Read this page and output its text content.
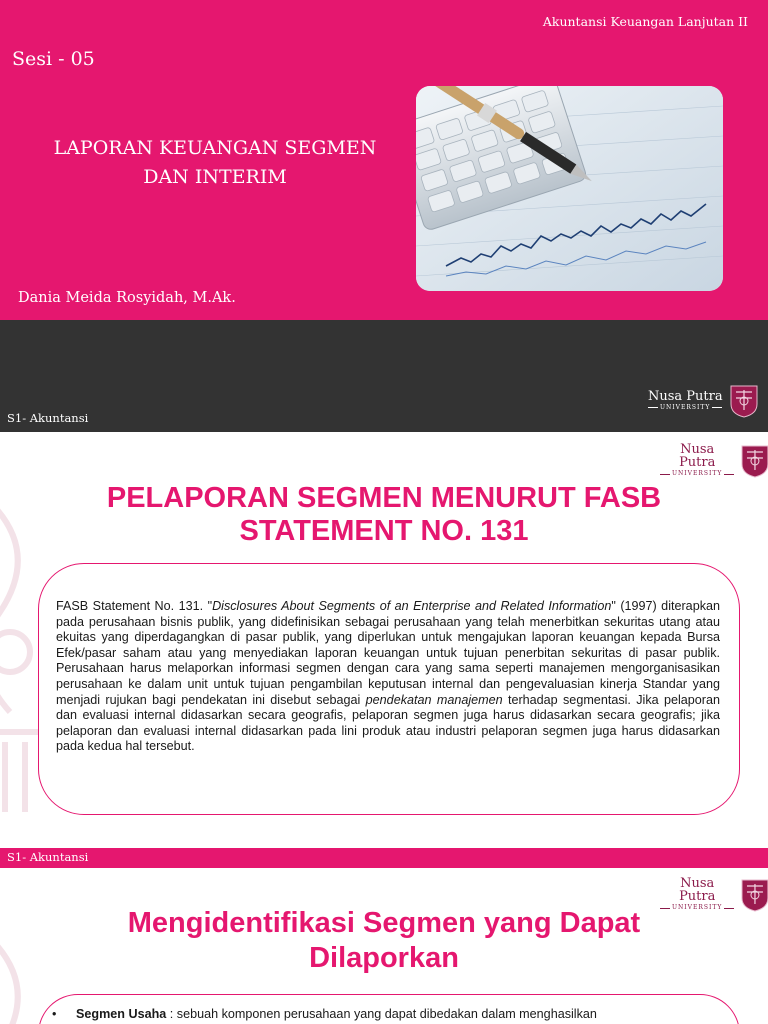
Akuntansi Keuangan Lanjutan II
Sesi - 05
LAPORAN KEUANGAN SEGMEN
DAN INTERIM
Dania Meida Rosyidah, M.Ak.
S1- Akuntansi
Nusa Putra
UNIVERSITY
Nusa Putra
UNIVERSITY
PELAPORAN SEGMEN MENURUT FASB
STATEMENT NO. 131
FASB Statement No. 131. "Disclosures About Segments of an Enterprise and Related Information" (1997) diterapkan pada perusahaan bisnis publik, yang didefinisikan sebagai perusahaan yang telah menerbitkan sekuritas utang atau ekuitas yang diperdagangkan di pasar publik, yang diperlukan untuk mengajukan laporan keuangan kepada Bursa Efek/pasar saham atau yang menyediakan laporan keuangan untuk tujuan penerbitan sekuritas di pasar publik. Perusahaan harus melaporkan informasi segmen dengan cara yang sama seperti manajemen mengorganisasikan perusahaan ke dalam unit untuk tujuan pengambilan keputusan internal dan pengevaluasian kinerja Standar yang menjadi rujukan bagi pendekatan ini disebut sebagai pendekatan manajemen terhadap segmentasi. Jika pelaporan dan evaluasi internal didasarkan secara geografis, pelaporan segmen juga harus didasarkan secara geografis; jika pelaporan dan evaluasi internal didasarkan pada lini produk atau industri pelaporan segmen juga harus didasarkan pada kedua hal tersebut.
S1- Akuntansi
Nusa Putra
UNIVERSITY
Mengidentifikasi Segmen yang Dapat
Dilaporkan
•	Segmen Usaha : sebuah komponen perusahaan yang dapat dibedakan dalam menghasilkan
